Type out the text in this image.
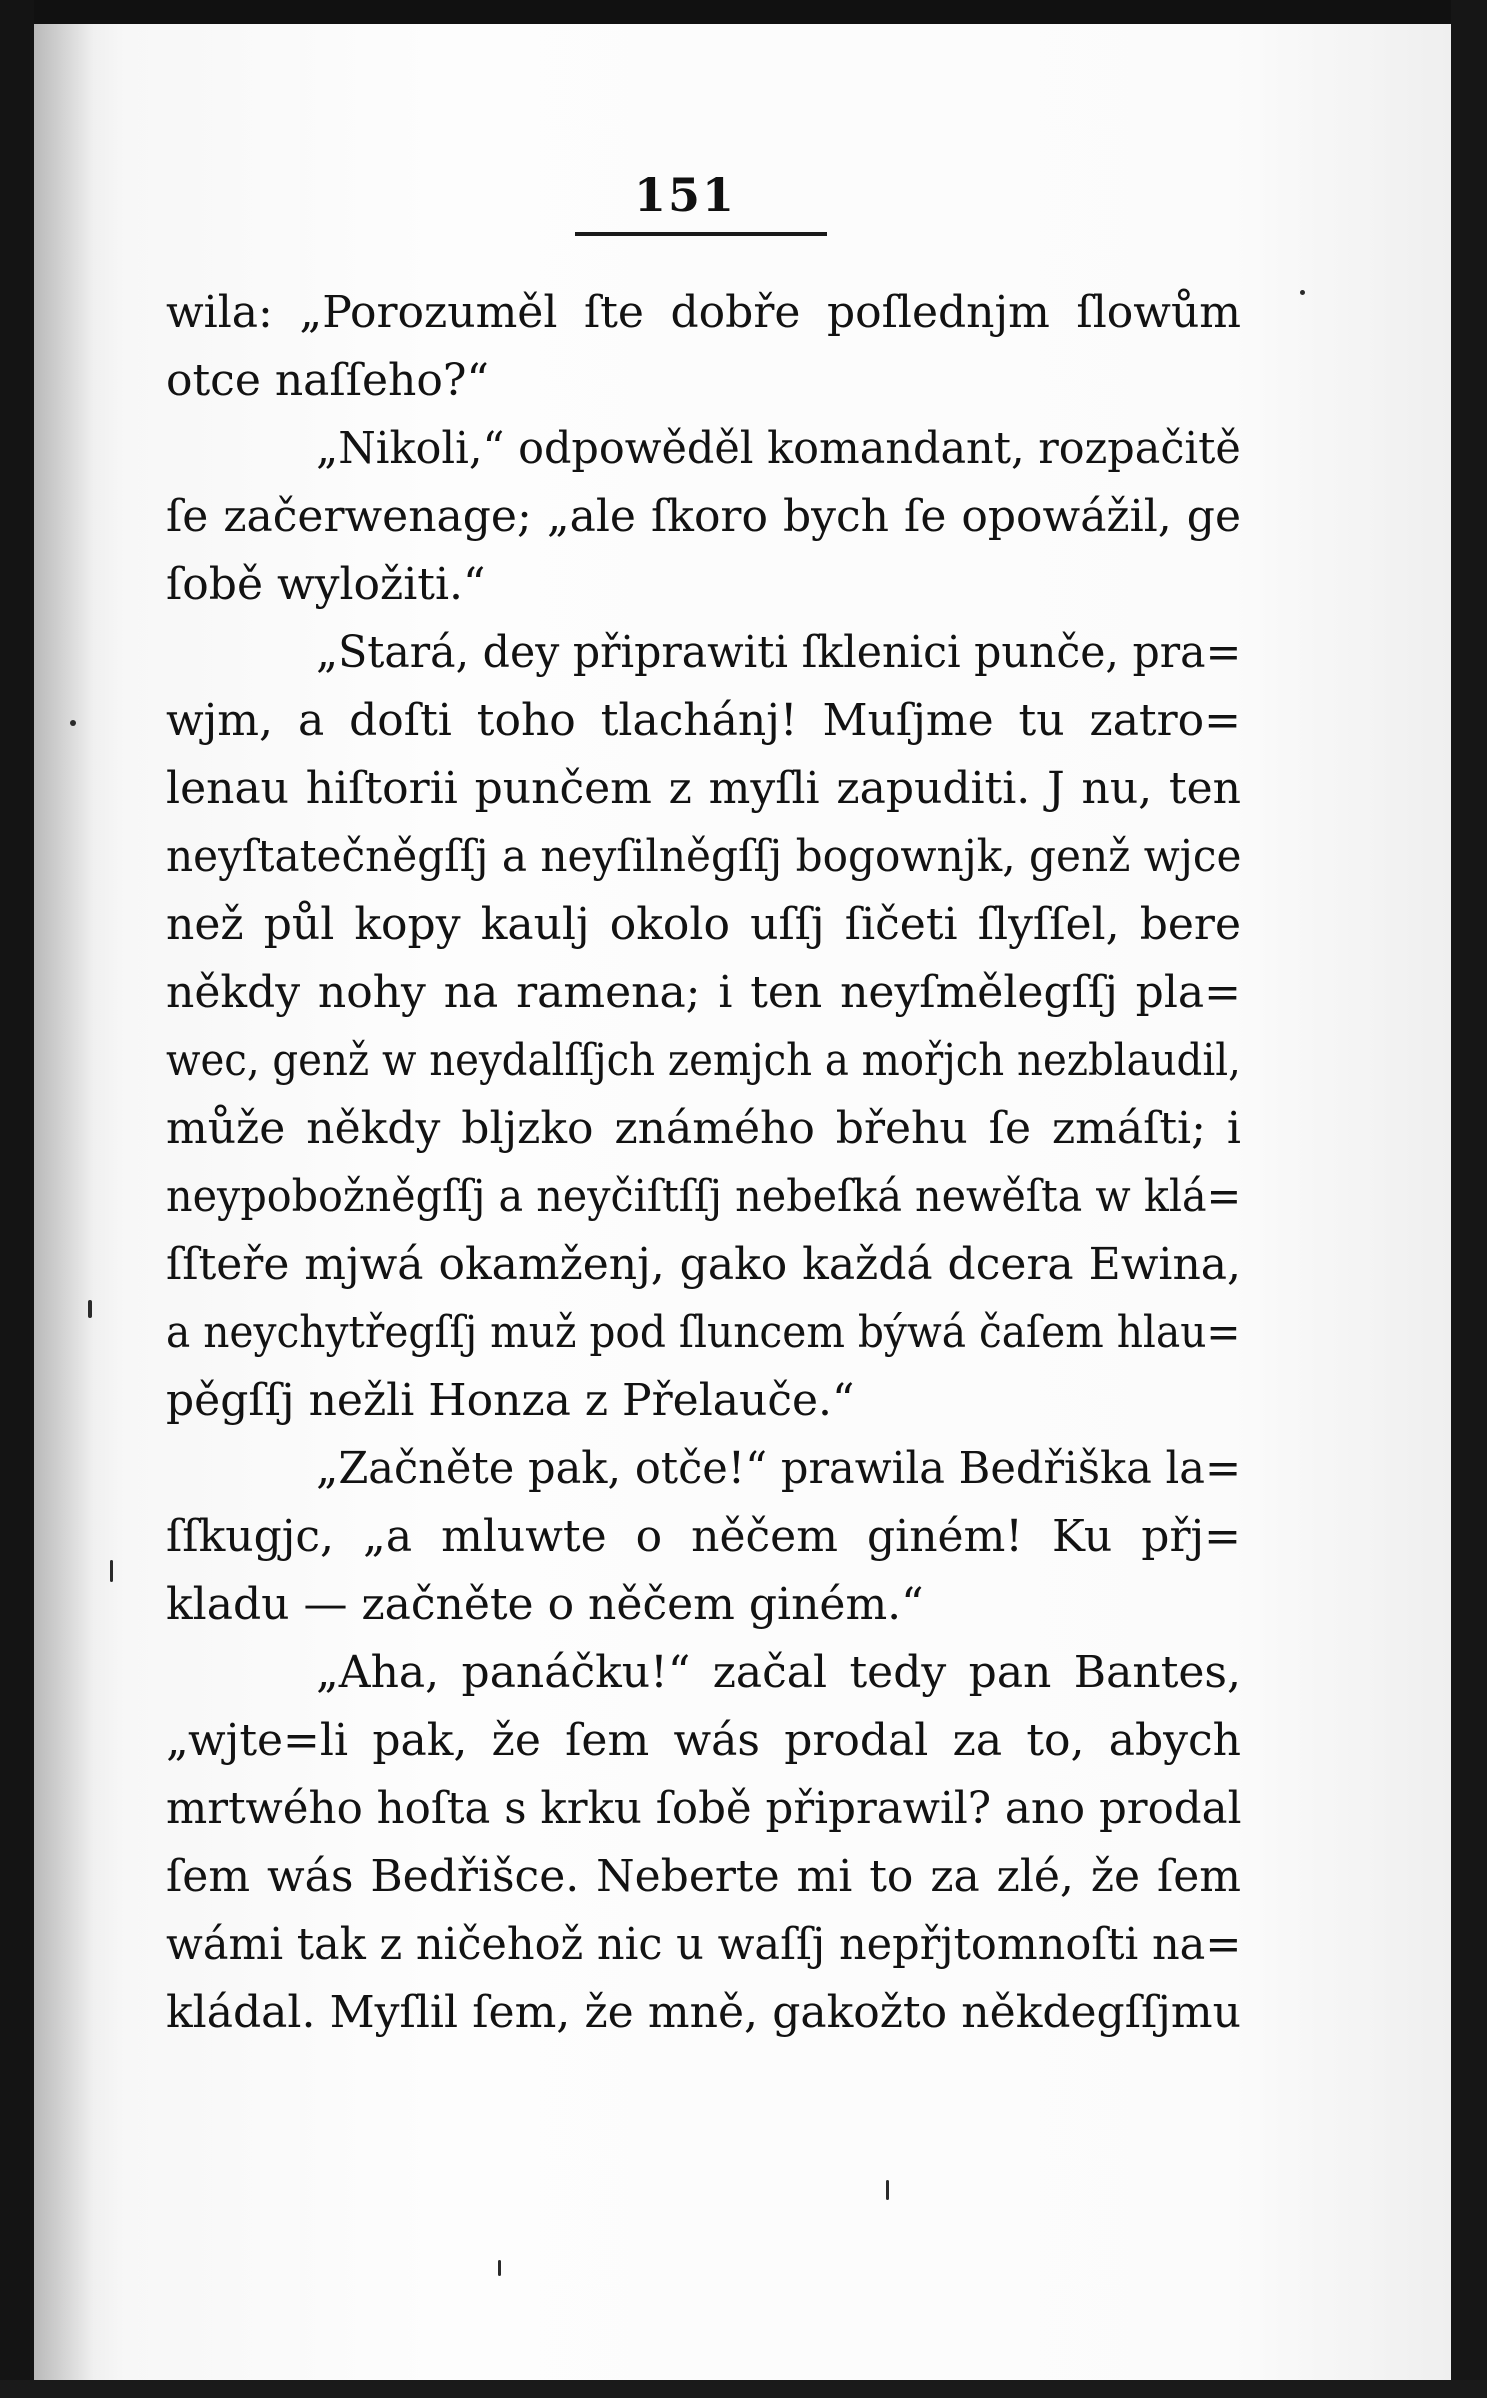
151
wila: „Porozuměl ſte dobře poſlednjm ſlowům
otce naſſeho?“
„Nikoli,“ odpowěděl komandant, rozpačitě
ſe začerwenage; „ale ſkoro bych ſe opowážil, ge
ſobě wyložiti.“
„Stará, dey připrawiti ſklenici punče, pra=
wjm, a doſti toho tlachánj! Muſjme tu zatro=
lenau hiſtorii punčem z myſli zapuditi. J nu, ten
neyſtatečněgſſj a neyſilněgſſj bogownjk, genž wjce
než půl kopy kaulj okolo uſſj ſičeti ſlyſſel, bere
někdy nohy na ramena; i ten neyſmělegſſj pla=
wec, genž w neydalſſjch zemjch a mořjch nezblaudil,
může někdy bljzko známého břehu ſe zmáſti; i
neypobožněgſſj a neyčiſtſſj nebeſká newěſta w klá=
ſſteře mjwá okamženj, gako každá dcera Ewina,
a neychytřegſſj muž pod ſluncem býwá čaſem hlau=
pěgſſj nežli Honza z Přelauče.“
„Začněte pak, otče!“ prawila Bedřiška la=
ſſkugjc, „a mluwte o něčem giném! Ku přj=
kladu — začněte o něčem giném.“
„Aha, panáčku!“ začal tedy pan Bantes,
„wjte=li pak, že ſem wás prodal za to, abych
mrtwého hoſta s krku ſobě připrawil? ano prodal
ſem wás Bedřišce. Neberte mi to za zlé, že ſem
wámi tak z ničehož nic u waſſj nepřjtomnoſti na=
kládal. Myſlil ſem, že mně, gakožto někdegſſjmu
